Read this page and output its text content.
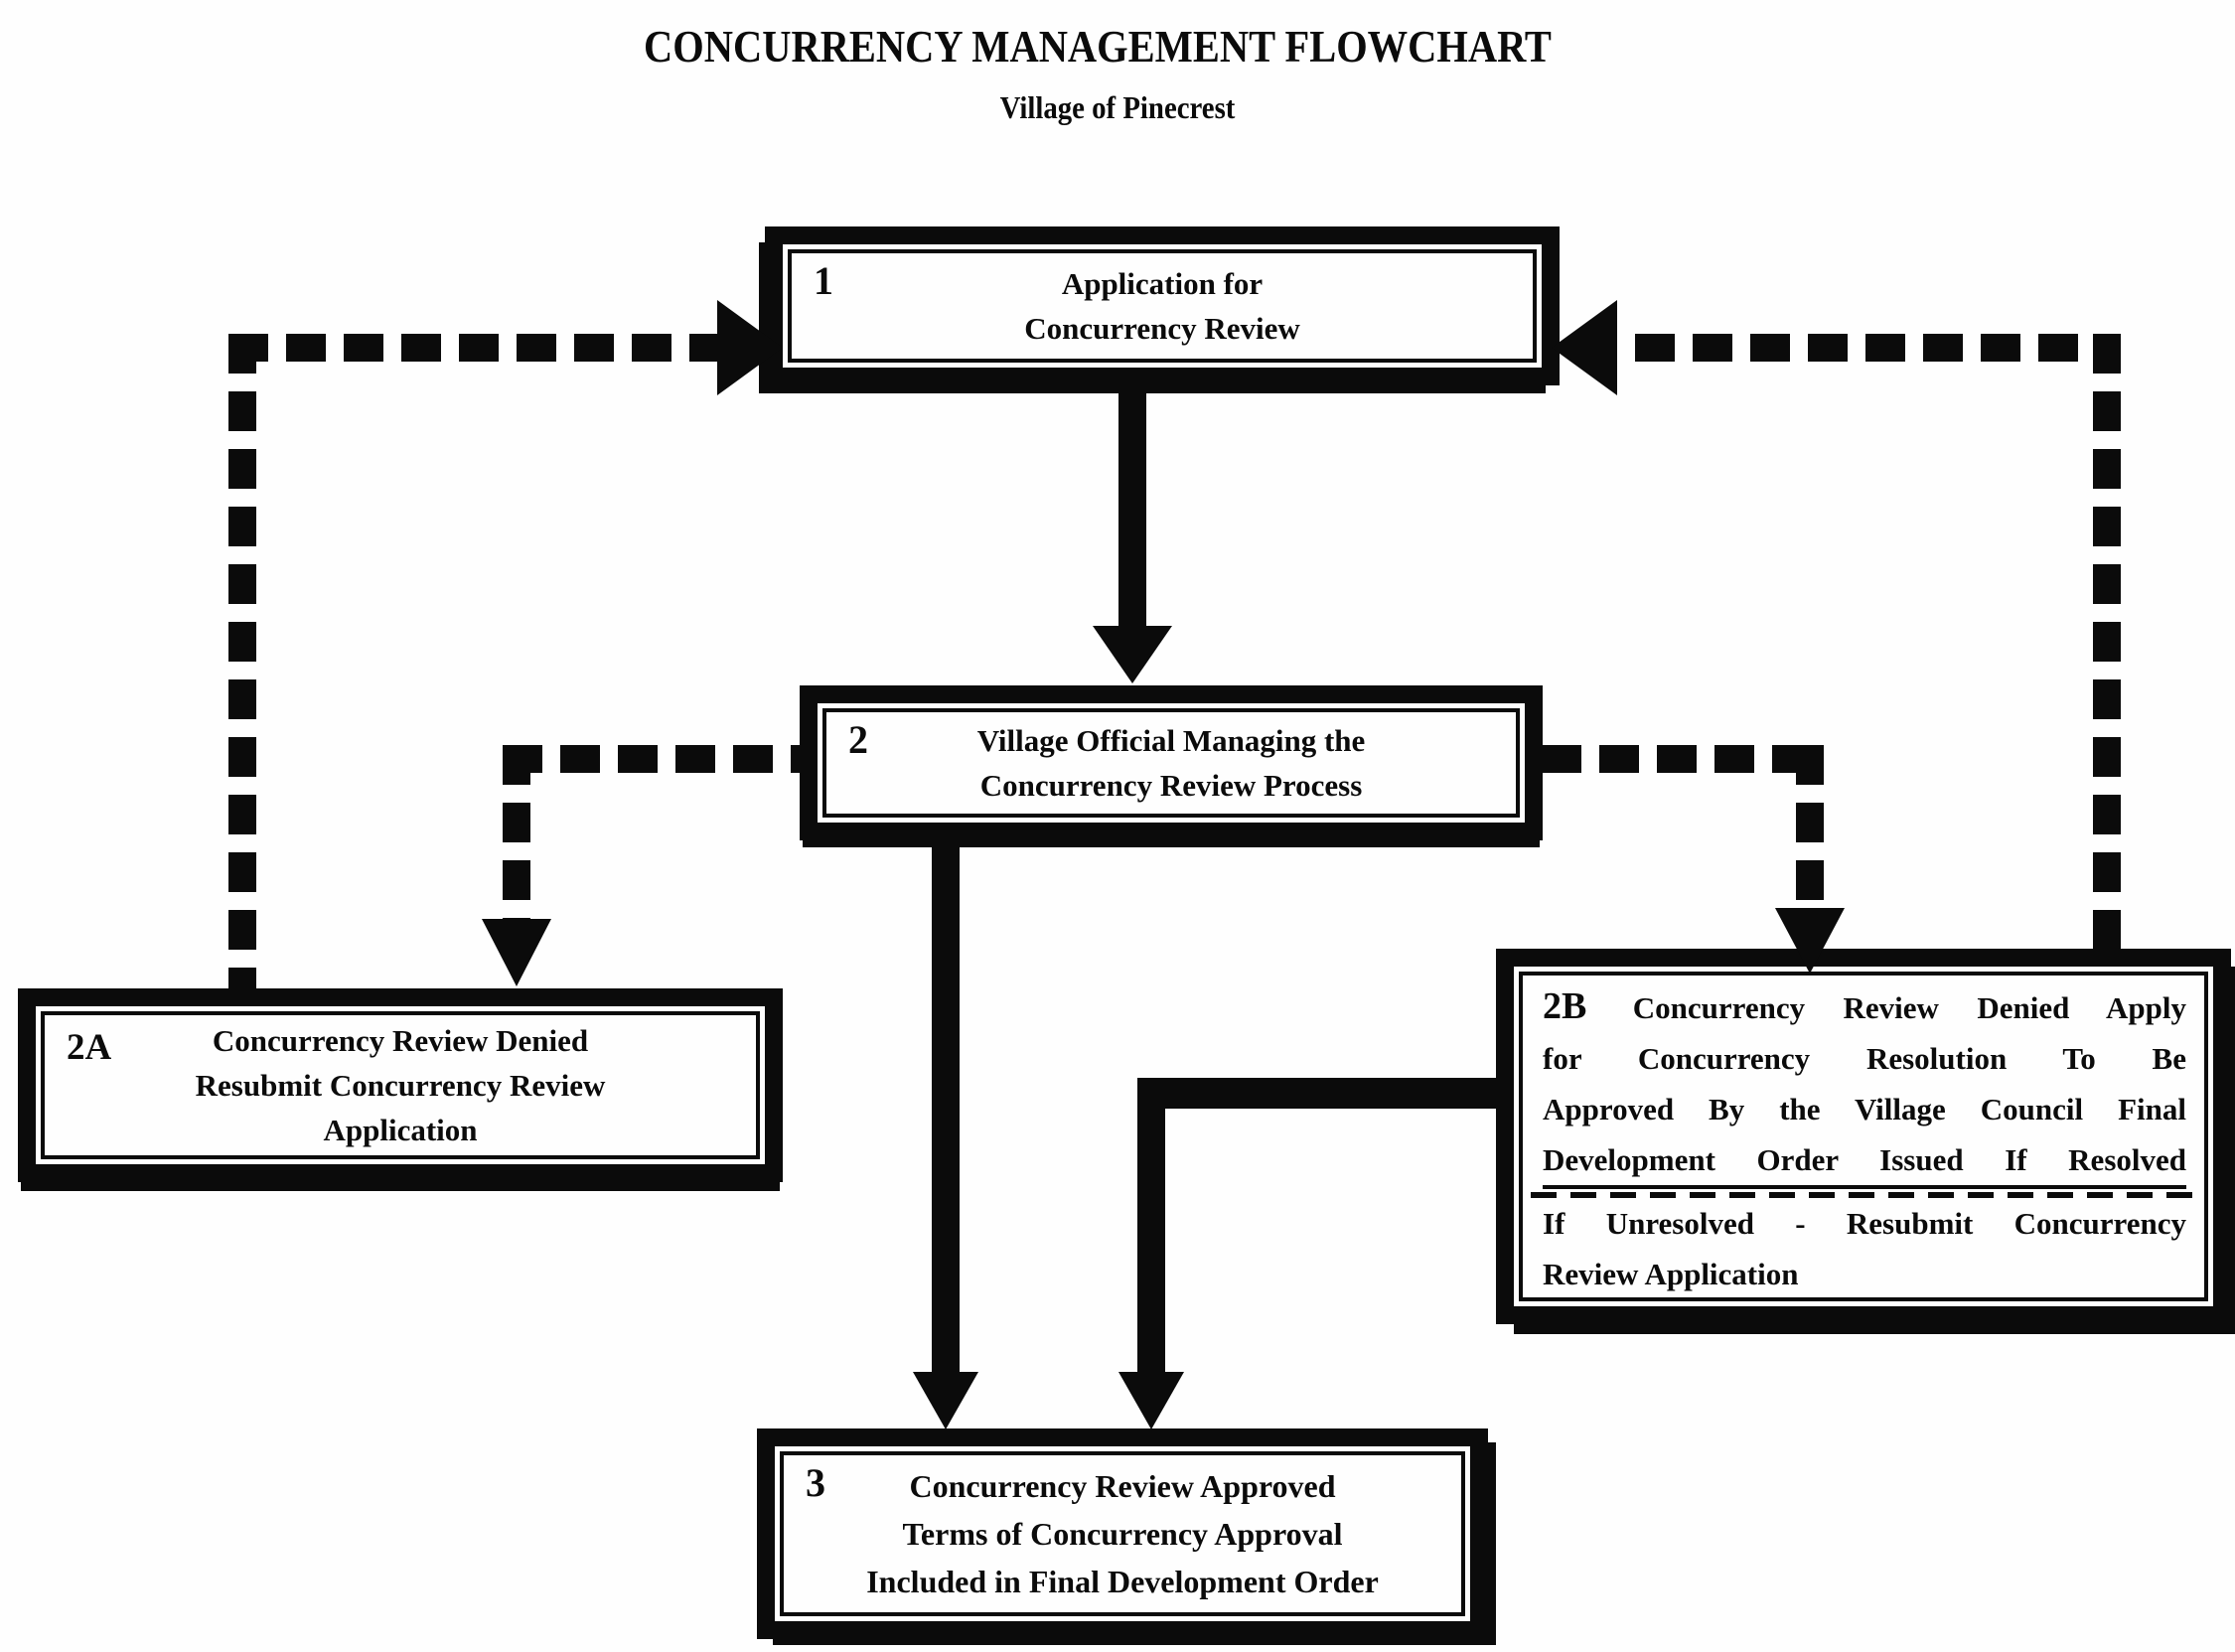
CONCURRENCY MANAGEMENT FLOWCHART
Village of Pinecrest
1	Application for
Concurrency Review
2	Village Official Managing the
Concurrency Review Process
2A	Concurrency Review Denied
Resubmit Concurrency Review
Application
2B Concurrency Review Denied Apply
for Concurrency Resolution To Be
Approved By the Village Council Final
Development Order Issued If Resolved
If Unresolved - Resubmit Concurrency
Review Application
3	Concurrency Review Approved
Terms of Concurrency Approval
Included in Final Development Order
